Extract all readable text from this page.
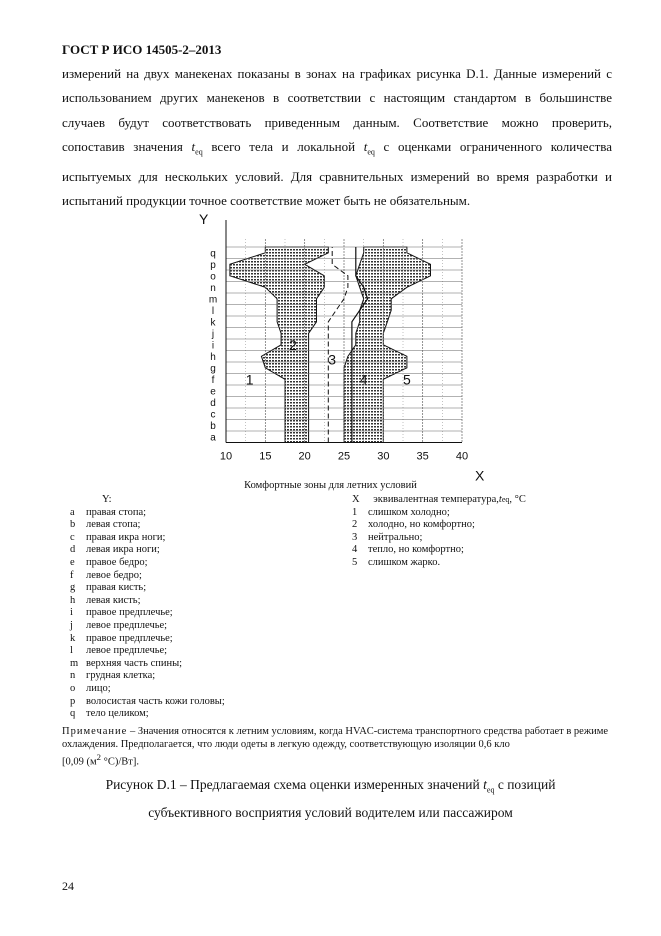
ГОСТ Р ИСО 14505-2–2013

измерений на двух манекенах показаны в зонах на графиках рисунка D.1. Данные измерений с

использованием других манекенов в соответствии с настоящим стандартом в большинстве

случаев будут соответствовать приведенным данным. Соответствие можно проверить,

сопоставив значения $t_{eq}$ всего тела и локальной $t_{eq}$ с оценками ограниченного количества

испытуемых для нескольких условий. Для сравнительных измерений во время разработки и

испытаний продукции точное соответствие может быть не обязательным.

a
b
c
d
e
f
g
h
i
j
k
l
m
n
o
p
q
10 15 20 25 30 35 40
Y
X
1
2
3
4	5
Комфортные зоны для летних условий
Y:
a	правая стопа;
b	левая стопа;
c	правая икра ноги;
d	левая икра ноги;
e	правое бедро;
f	левое бедро;
g	правая кисть;
h	левая кисть;
i	правое предплечье;
j	левое предплечье;
k	правое предплечье;
l	левое предплечье;
m верхняя часть спины;
n	грудная клетка;
o	лицо;
p	волосистая часть кожи головы;
q	тело целиком;
X
	эквивалентная температура, t eq , °C
1	слишком холодно;
2	холодно, но комфортно;
3	нейтрально;
4	тепло, но комфортно;
5	слишком жарко.
Примечание – Значения относятся к летним условиям, когда HVAC-система транспортного средства работает в режиме охлаждения. Предполагается, что люди одеты в легкую одежду, соответствующую изоляции 0,6 кло
[0,09 ($м^2$ °C)/Вт].
Рисунок D.1 – Предлагаемая схема оценки измеренных значений $t_{eq}$ с позиций
субъективного восприятия условий водителем или пассажиром
24
